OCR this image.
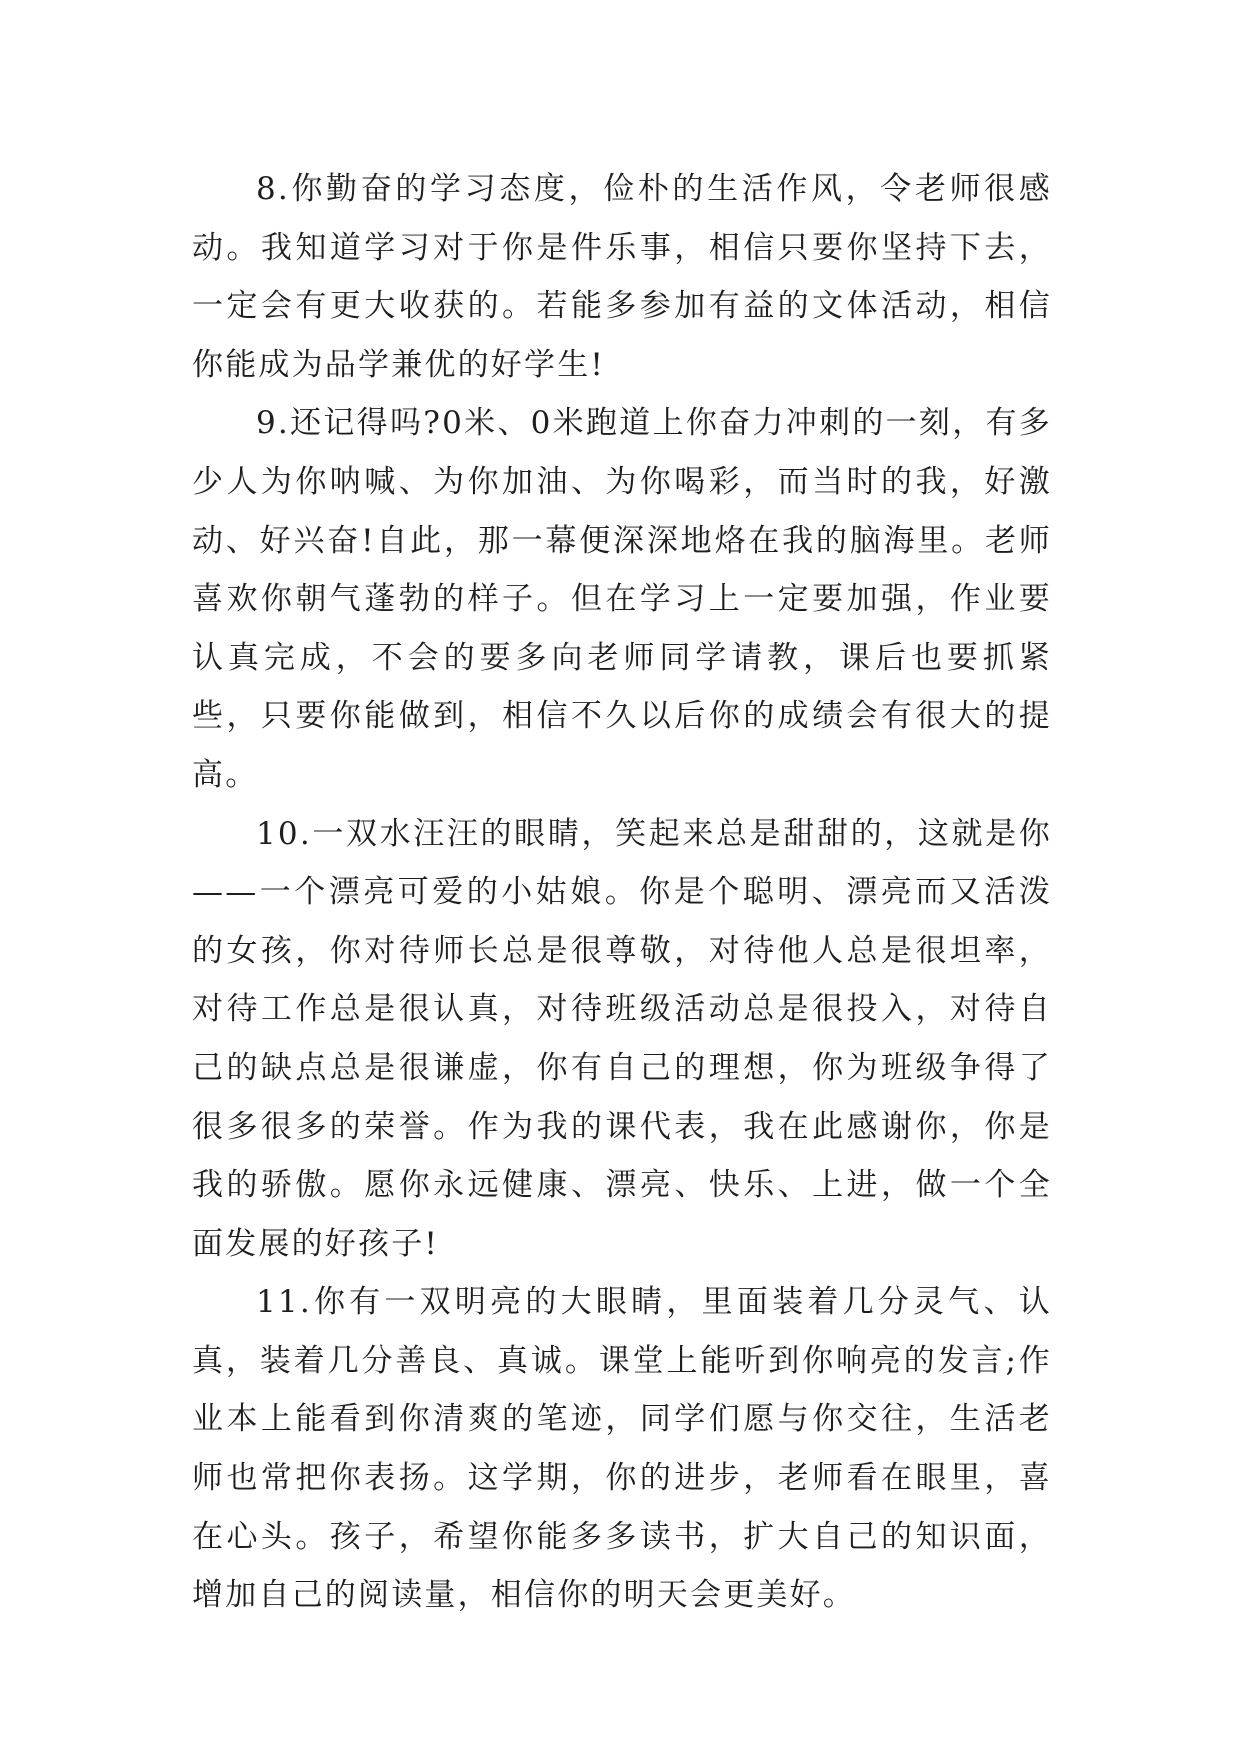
8.你勤奋的学习态度，俭朴的生活作风，令老师很感动。我知道学习对于你是件乐事，相信只要你坚持下去，一定会有更大收获的。若能多参加有益的文体活动，相信你能成为品学兼优的好学生!

9.还记得吗?0米、0米跑道上你奋力冲刺的一刻，有多少人为你呐喊、为你加油、为你喝彩，而当时的我，好激动、好兴奋!自此，那一幕便深深地烙在我的脑海里。老师喜欢你朝气蓬勃的样子。但在学习上一定要加强，作业要认真完成，不会的要多向老师同学请教，课后也要抓紧些，只要你能做到，相信不久以后你的成绩会有很大的提高。

10.一双水汪汪的眼睛，笑起来总是甜甜的，这就是你——一个漂亮可爱的小姑娘。你是个聪明、漂亮而又活泼的女孩，你对待师长总是很尊敬，对待他人总是很坦率，对待工作总是很认真，对待班级活动总是很投入，对待自己的缺点总是很谦虚，你有自己的理想，你为班级争得了很多很多的荣誉。作为我的课代表，我在此感谢你，你是我的骄傲。愿你永远健康、漂亮、快乐、上进，做一个全面发展的好孩子!

11.你有一双明亮的大眼睛，里面装着几分灵气、认真，装着几分善良、真诚。课堂上能听到你响亮的发言;作业本上能看到你清爽的笔迹，同学们愿与你交往，生活老师也常把你表扬。这学期，你的进步，老师看在眼里，喜在心头。孩子，希望你能多多读书，扩大自己的知识面，增加自己的阅读量，相信你的明天会更美好。
